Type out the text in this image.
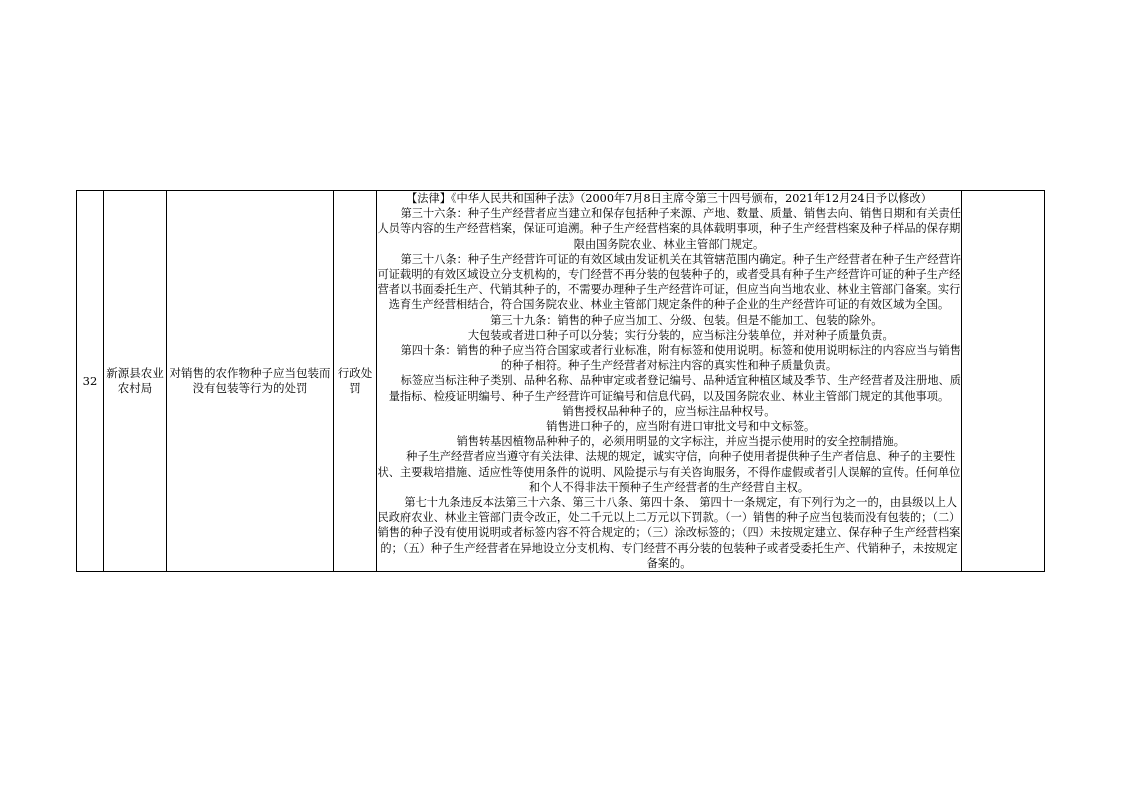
32	新源县农业农村局	对销售的农作物种子应当包装而没有包装等行为的处罚	行政处罚	

【法律】《中华人民共和国种子法》（2000年7月8日主席令第三十四号颁布，2021年12月24日予以修改）

第三十六条：种子生产经营者应当建立和保存包括种子来源、产地、数量、质量、销售去向、销售日期和有关责任人员等内容的生产经营档案，保证可追溯。种子生产经营档案的具体载明事项，种子生产经营档案及种子样品的保存期限由国务院农业、林业主管部门规定。

第三十八条：种子生产经营许可证的有效区域由发证机关在其管辖范围内确定。种子生产经营者在种子生产经营许可证载明的有效区域设立分支机构的，专门经营不再分装的包装种子的，或者受具有种子生产经营许可证的种子生产经营者以书面委托生产、代销其种子的，不需要办理种子生产经营许可证，但应当向当地农业、林业主管部门备案。实行选育生产经营相结合，符合国务院农业、林业主管部门规定条件的种子企业的生产经营许可证的有效区域为全国。

第三十九条：销售的种子应当加工、分级、包装。但是不能加工、包装的除外。

大包装或者进口种子可以分装；实行分装的，应当标注分装单位，并对种子质量负责。

第四十条：销售的种子应当符合国家或者行业标准，附有标签和使用说明。标签和使用说明标注的内容应当与销售的种子相符。种子生产经营者对标注内容的真实性和种子质量负责。

标签应当标注种子类别、品种名称、品种审定或者登记编号、品种适宜种植区域及季节、生产经营者及注册地、质量指标、检疫证明编号、种子生产经营许可证编号和信息代码，以及国务院农业、林业主管部门规定的其他事项。

销售授权品种种子的，应当标注品种权号。

销售进口种子的，应当附有进口审批文号和中文标签。

销售转基因植物品种种子的，必须用明显的文字标注，并应当提示使用时的安全控制措施。

种子生产经营者应当遵守有关法律、法规的规定，诚实守信，向种子使用者提供种子生产者信息、种子的主要性状、主要栽培措施、适应性等使用条件的说明、风险提示与有关咨询服务，不得作虚假或者引人误解的宣传。任何单位和个人不得非法干预种子生产经营者的生产经营自主权。

第七十九条违反本法第三十六条、第三十八条、第四十条、 第四十一条规定，有下列行为之一的，由县级以上人民政府农业、林业主管部门责令改正，处二千元以上二万元以下罚款。（一）销售的种子应当包装而没有包装的；（二）销售的种子没有使用说明或者标签内容不符合规定的；（三）涂改标签的；（四）未按规定建立、保存种子生产经营档案的；（五）种子生产经营者在异地设立分支机构、专门经营不再分装的包装种子或者受委托生产、代销种子，未按规定备案的。
